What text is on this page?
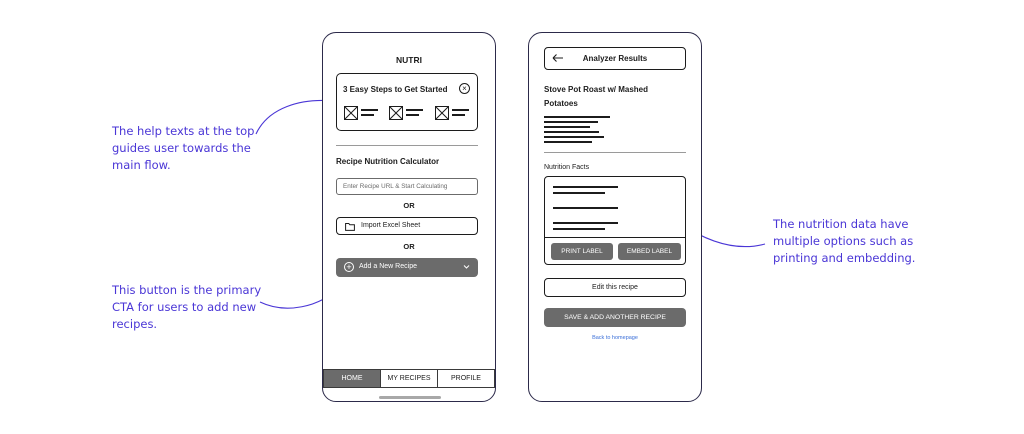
The help texts at the top guides user towards the main flow.
This button is the primary CTA for users to add new recipes.
The nutrition data have multiple options such as printing and embedding.
NUTRI
3 Easy Steps to Get Started	×
Recipe Nutrition Calculator
Enter Recipe URL & Start Calculating
OR
Import Excel Sheet
OR
+	Add a New Recipe
HOME	MY RECIPES	PROFILE
Analyzer Results
Stove Pot Roast w/ Mashed Potatoes
Nutrition Facts
PRINT LABEL	EMBED LABEL
Edit this recipe
SAVE & ADD ANOTHER RECIPE
Back to homepage
